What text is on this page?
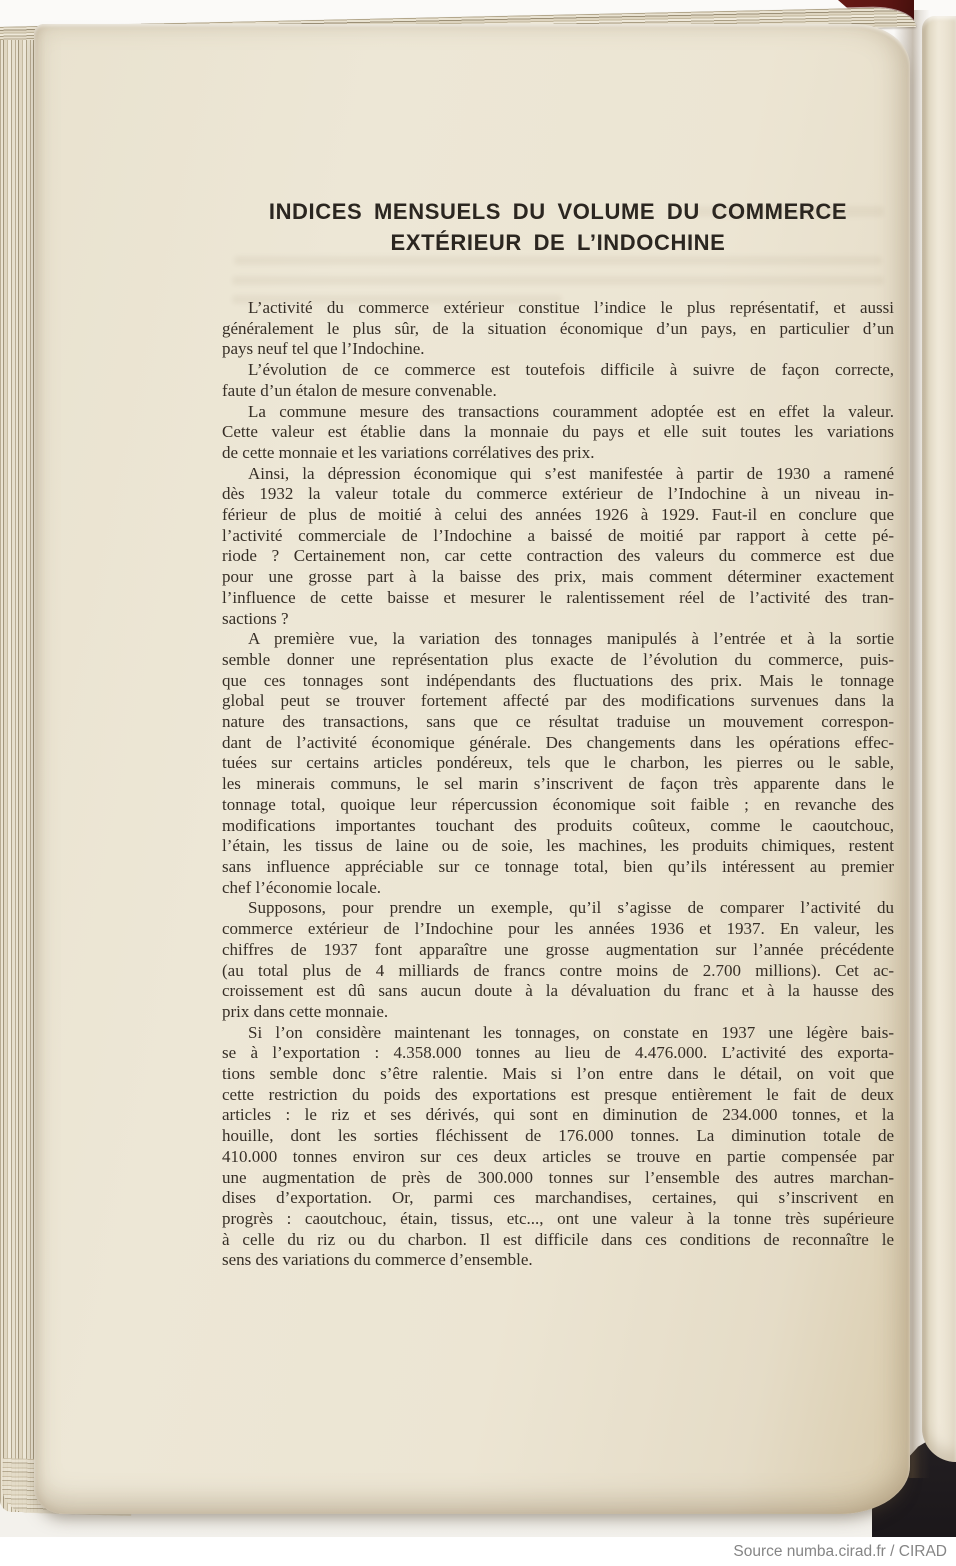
INDICES MENSUELS DU VOLUME DU COMMERCE
EXTÉRIEUR DE L’INDOCHINE
L’activité du commerce extérieur constitue l’indice le plus représentatif, et aussi
généralement le plus sûr, de la situation économique d’un pays, en particulier d’un
pays neuf tel que l’Indochine.
L’évolution de ce commerce est toutefois difficile à suivre de façon correcte,
faute d’un étalon de mesure convenable.
La commune mesure des transactions couramment adoptée est en effet la valeur.
Cette valeur est établie dans la monnaie du pays et elle suit toutes les variations
de cette monnaie et les variations corrélatives des prix.
Ainsi, la dépression économique qui s’est manifestée à partir de 1930 a ramené
dès 1932 la valeur totale du commerce extérieur de l’Indochine à un niveau in-
férieur de plus de moitié à celui des années 1926 à 1929. Faut-il en conclure que
l’activité commerciale de l’Indochine a baissé de moitié par rapport à cette pé-
riode ? Certainement non, car cette contraction des valeurs du commerce est due
pour une grosse part à la baisse des prix, mais comment déterminer exactement
l’influence de cette baisse et mesurer le ralentissement réel de l’activité des tran-
sactions ?
A première vue, la variation des tonnages manipulés à l’entrée et à la sortie
semble donner une représentation plus exacte de l’évolution du commerce, puis-
que ces tonnages sont indépendants des fluctuations des prix. Mais le tonnage
global peut se trouver fortement affecté par des modifications survenues dans la
nature des transactions, sans que ce résultat traduise un mouvement correspon-
dant de l’activité économique générale. Des changements dans les opérations effec-
tuées sur certains articles pondéreux, tels que le charbon, les pierres ou le sable,
les minerais communs, le sel marin s’inscrivent de façon très apparente dans le
tonnage total, quoique leur répercussion économique soit faible ; en revanche des
modifications importantes touchant des produits coûteux, comme le caoutchouc,
l’étain, les tissus de laine ou de soie, les machines, les produits chimiques, restent
sans influence appréciable sur ce tonnage total, bien qu’ils intéressent au premier
chef l’économie locale.
Supposons, pour prendre un exemple, qu’il s’agisse de comparer l’activité du
commerce extérieur de l’Indochine pour les années 1936 et 1937. En valeur, les
chiffres de 1937 font apparaître une grosse augmentation sur l’année précédente
(au total plus de 4 milliards de francs contre moins de 2.700 millions). Cet ac-
croissement est dû sans aucun doute à la dévaluation du franc et à la hausse des
prix dans cette monnaie.
Si l’on considère maintenant les tonnages, on constate en 1937 une légère bais-
se à l’exportation : 4.358.000 tonnes au lieu de 4.476.000. L’activité des exporta-
tions semble donc s’être ralentie. Mais si l’on entre dans le détail, on voit que
cette restriction du poids des exportations est presque entièrement le fait de deux
articles : le riz et ses dérivés, qui sont en diminution de 234.000 tonnes, et la
houille, dont les sorties fléchissent de 176.000 tonnes. La diminution totale de
410.000 tonnes environ sur ces deux articles se trouve en partie compensée par
une augmentation de près de 300.000 tonnes sur l’ensemble des autres marchan-
dises d’exportation. Or, parmi ces marchandises, certaines, qui s’inscrivent en
progrès : caoutchouc, étain, tissus, etc..., ont une valeur à la tonne très supérieure
à celle du riz ou du charbon. Il est difficile dans ces conditions de reconnaître le
sens des variations du commerce d’ensemble.
Source numba.cirad.fr / CIRAD
